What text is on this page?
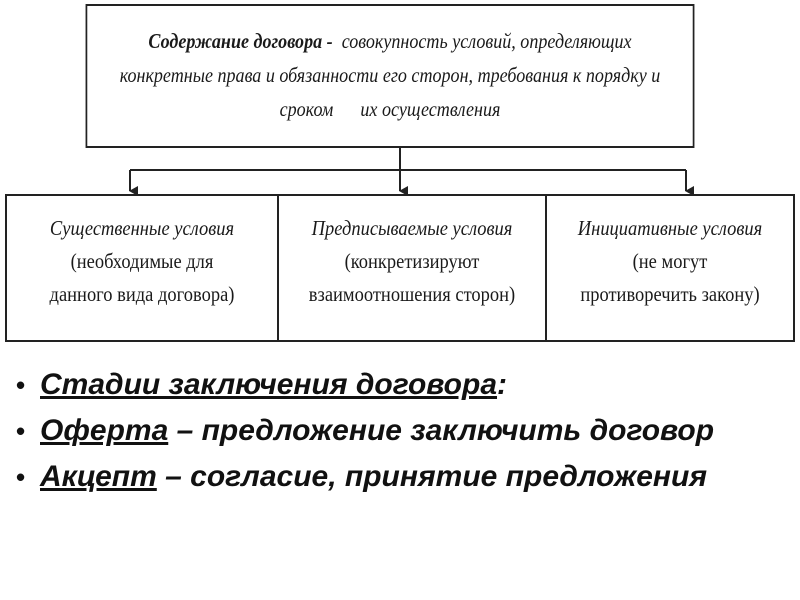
Содержание договора -  совокупность условий, определяющих
конкретные права и обязанности его сторон, требования к порядку и
сроком      их осуществления
Существенные условия
(необходимые для
данного вида договора)
Предписываемые условия
(конкретизируют
взаимоотношения сторон)
Инициативные условия
(не могут
противоречить закону)
• Стадии заключения договора:
• Оферта – предложение заключить договор
• Акцепт – согласие, принятие предложения
